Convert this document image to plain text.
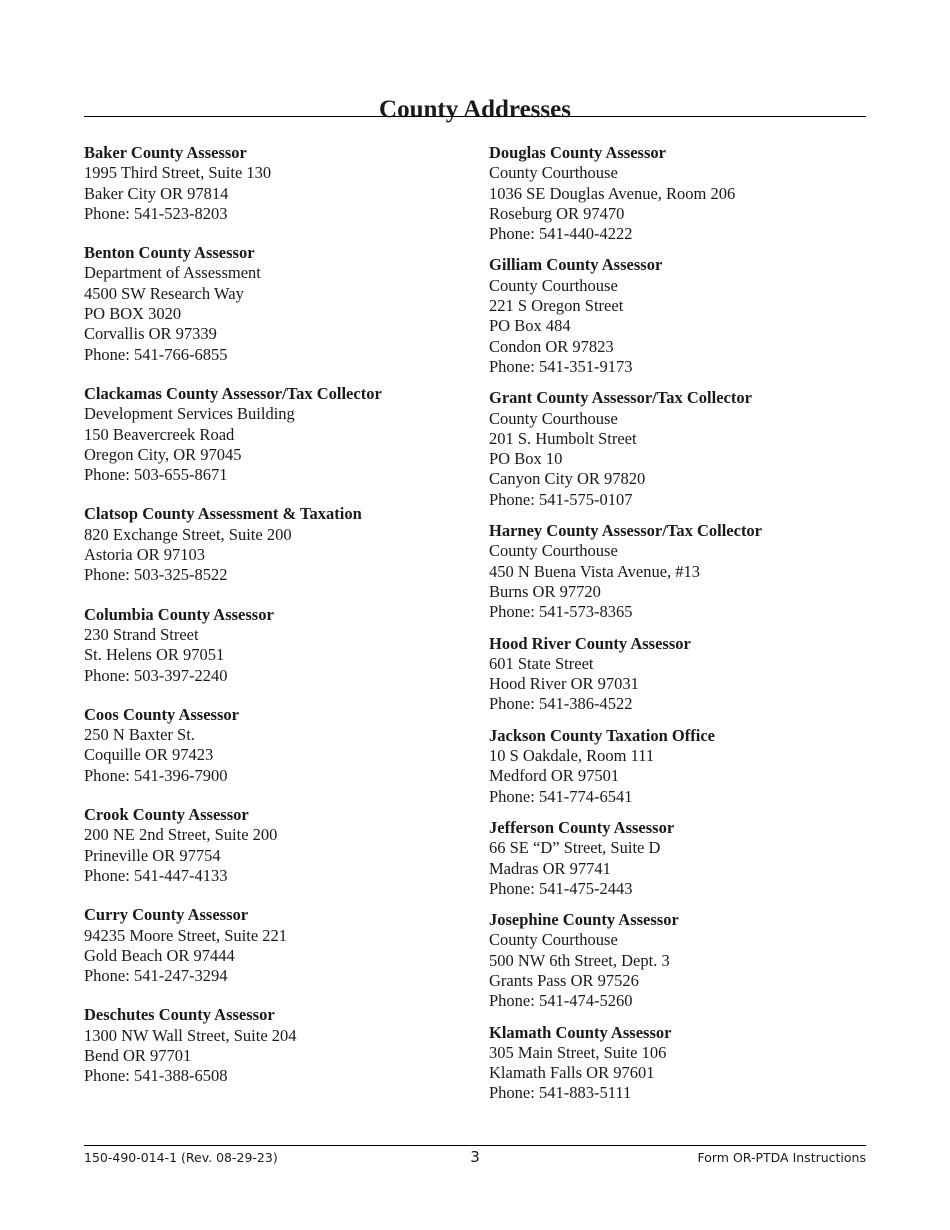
County Addresses
Baker County Assessor
1995 Third Street, Suite 130
Baker City OR 97814
Phone: 541-523-8203
Benton County Assessor
Department of Assessment
4500 SW Research Way
PO BOX 3020
Corvallis OR 97339
Phone: 541-766-6855
Clackamas County Assessor/Tax Collector
Development Services Building
150 Beavercreek Road
Oregon City, OR 97045
Phone: 503-655-8671
Clatsop County Assessment & Taxation
820 Exchange Street, Suite 200
Astoria OR 97103
Phone: 503-325-8522
Columbia County Assessor
230 Strand Street
St. Helens OR 97051
Phone: 503-397-2240
Coos County Assessor
250 N Baxter St.
Coquille OR 97423
Phone: 541-396-7900
Crook County Assessor
200 NE 2nd Street, Suite 200
Prineville OR 97754
Phone: 541-447-4133
Curry County Assessor
94235 Moore Street, Suite 221
Gold Beach OR 97444
Phone: 541-247-3294
Deschutes County Assessor
1300 NW Wall Street, Suite 204
Bend OR 97701
Phone: 541-388-6508
Douglas County Assessor
County Courthouse
1036 SE Douglas Avenue, Room 206
Roseburg OR 97470
Phone: 541-440-4222
Gilliam County Assessor
County Courthouse
221 S Oregon Street
PO Box 484
Condon OR 97823
Phone: 541-351-9173
Grant County Assessor/Tax Collector
County Courthouse
201 S. Humbolt Street
PO Box 10
Canyon City OR 97820
Phone: 541-575-0107
Harney County Assessor/Tax Collector
County Courthouse
450 N Buena Vista Avenue, #13
Burns OR 97720
Phone: 541-573-8365
Hood River County Assessor
601 State Street
Hood River OR 97031
Phone: 541-386-4522
Jackson County Taxation Office
10 S Oakdale, Room 111
Medford OR 97501
Phone: 541-774-6541
Jefferson County Assessor
66 SE “D” Street, Suite D
Madras OR 97741
Phone: 541-475-2443
Josephine County Assessor
County Courthouse
500 NW 6th Street, Dept. 3
Grants Pass OR 97526
Phone: 541-474-5260
Klamath County Assessor
305 Main Street, Suite 106
Klamath Falls OR 97601
Phone: 541-883-5111
150-490-014-1 (Rev. 08-29-23)	3	Form OR-PTDA Instructions
